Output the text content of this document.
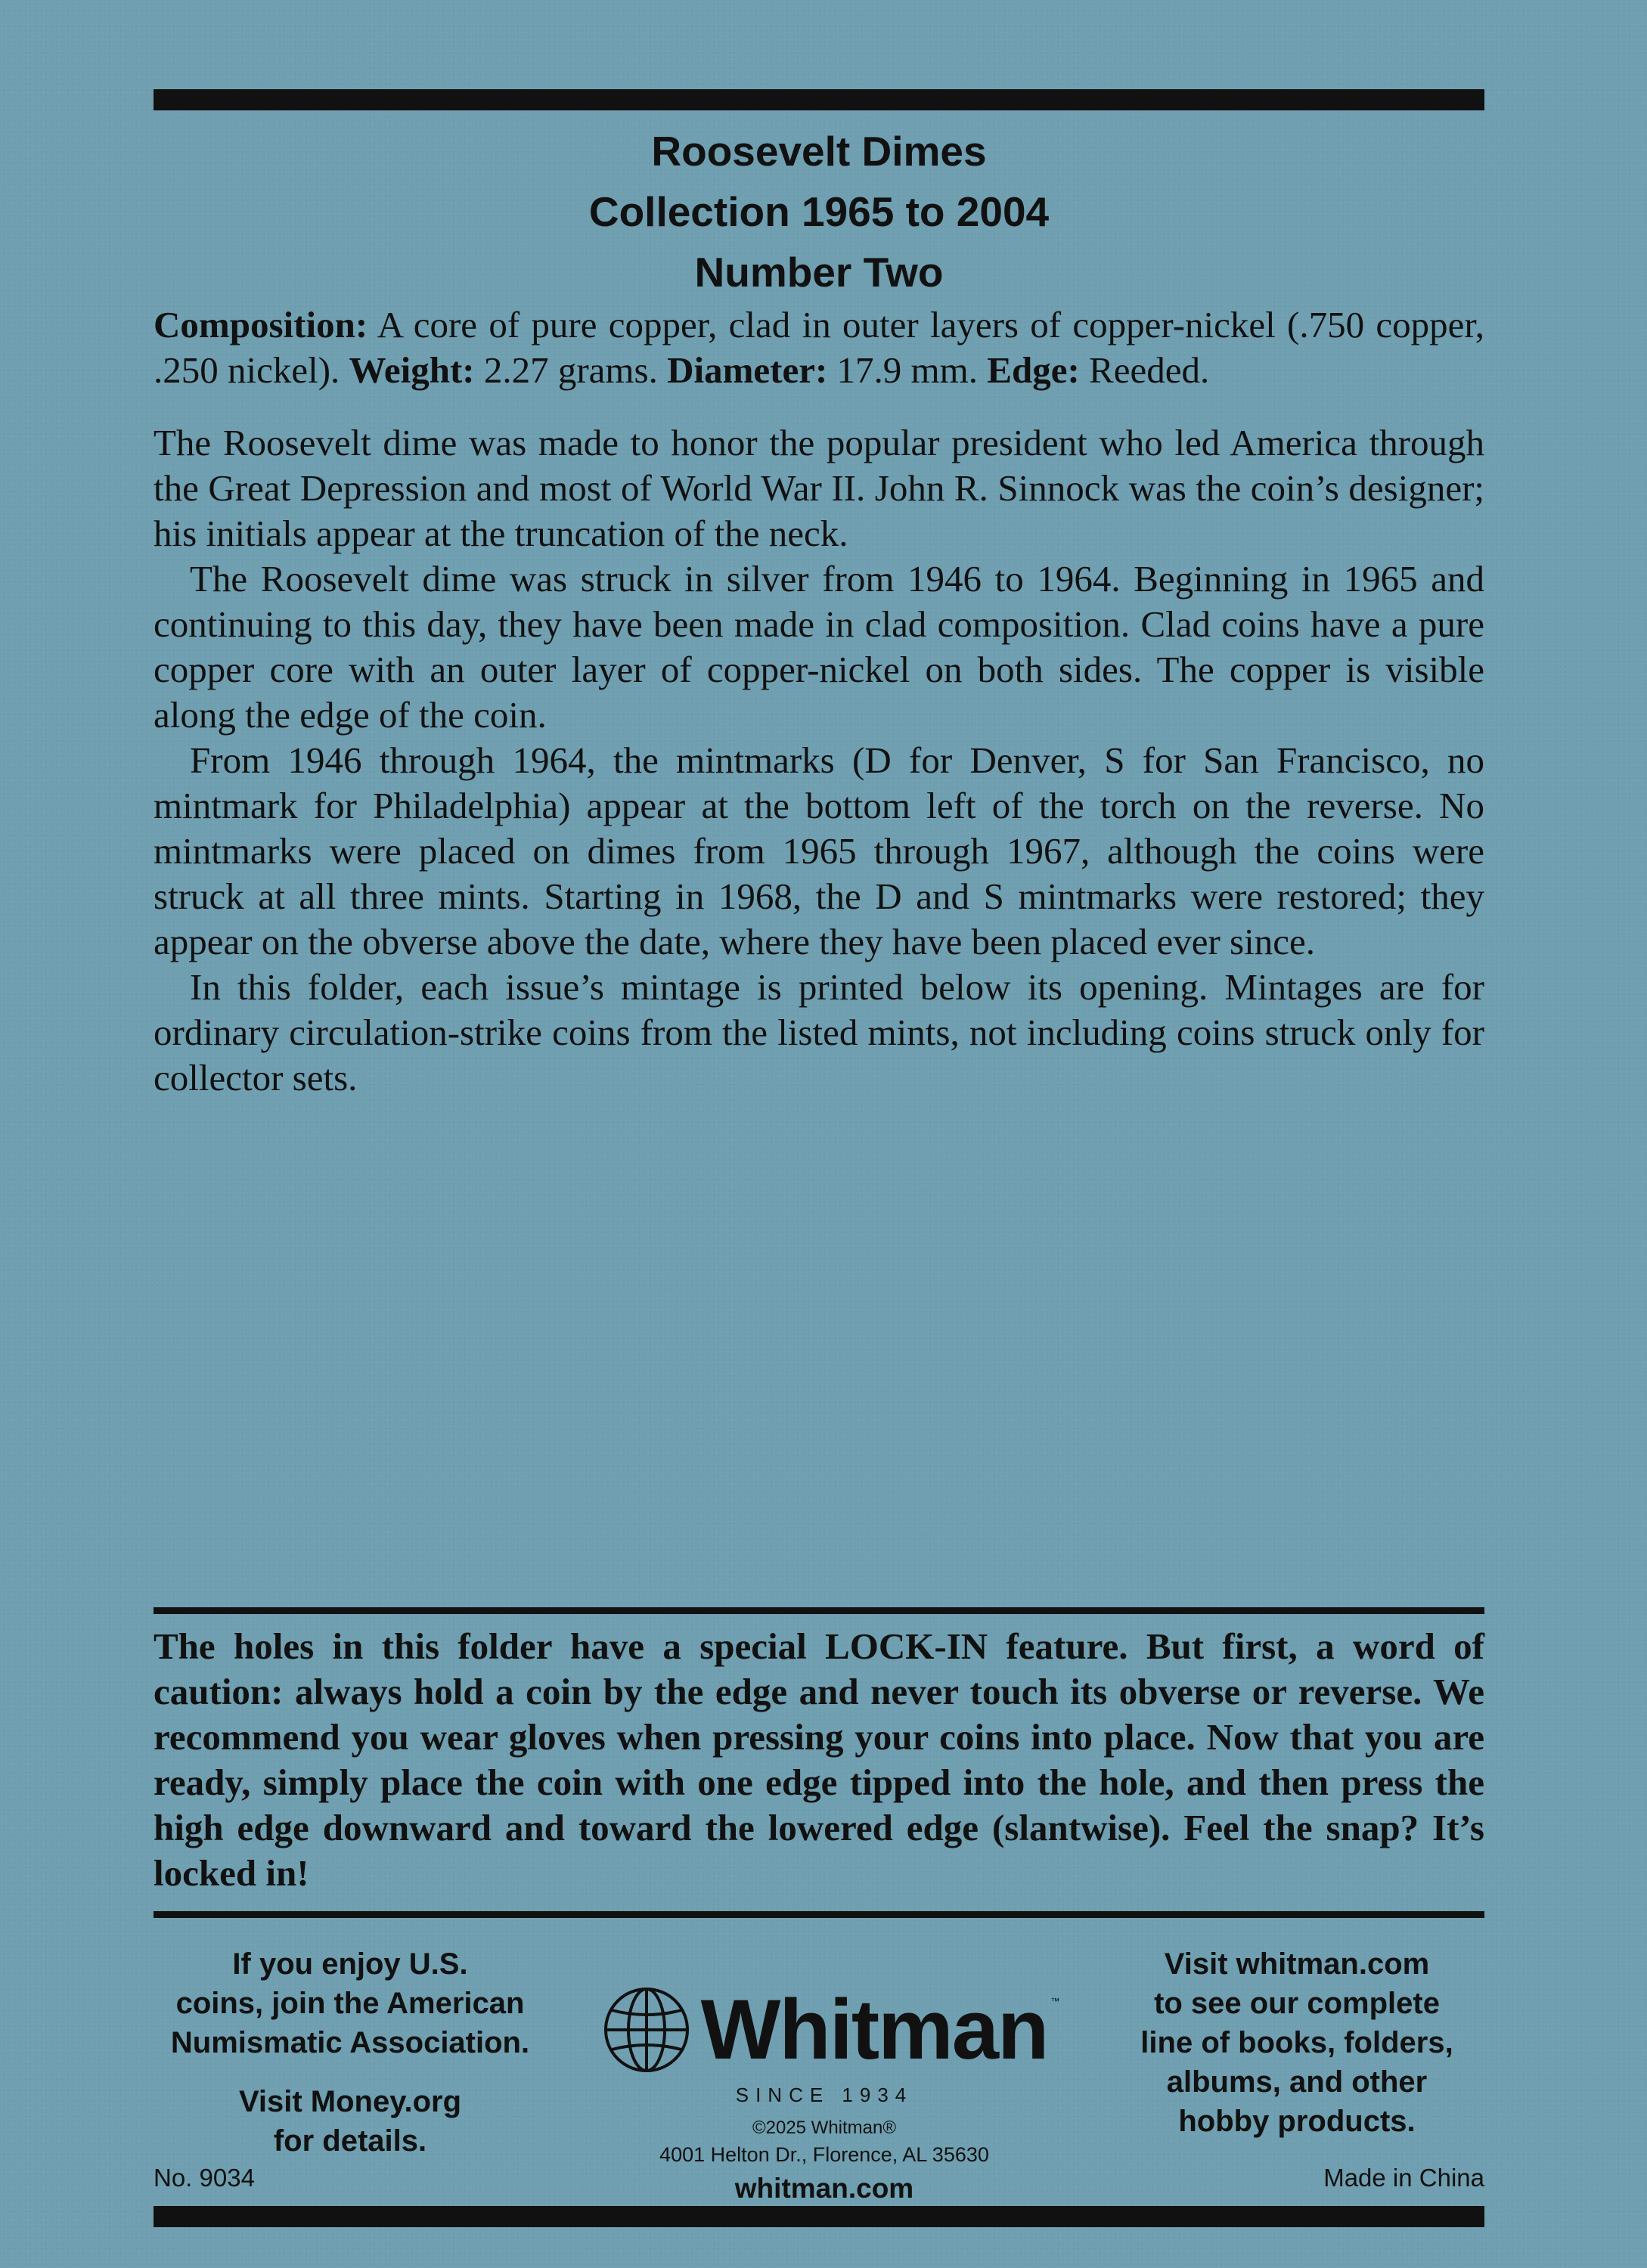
Roosevelt Dimes
Collection 1965 to 2004
Number Two

Composition: A core of pure copper, clad in outer layers of copper-nickel (.750 copper, .250 nickel). Weight: 2.27 grams. Diameter: 17.9 mm. Edge: Reeded.

The Roosevelt dime was made to honor the popular president who led America through the Great Depression and most of World War II. John R. Sinnock was the coin’s designer; his initials appear at the truncation of the neck.

The Roosevelt dime was struck in silver from 1946 to 1964. Beginning in 1965 and continuing to this day, they have been made in clad composition. Clad coins have a pure copper core with an outer layer of copper-nickel on both sides. The copper is visible along the edge of the coin.

From 1946 through 1964, the mintmarks (D for Denver, S for San Francisco, no mintmark for Philadelphia) appear at the bottom left of the torch on the reverse. No mintmarks were placed on dimes from 1965 through 1967, although the coins were struck at all three mints. Starting in 1968, the D and S mintmarks were restored; they appear on the obverse above the date, where they have been placed ever since.

In this folder, each issue’s mintage is printed below its opening. Mintages are for ordinary circulation-strike coins from the listed mints, not including coins struck only for collector sets.

The holes in this folder have a special LOCK-IN feature. But first, a word of caution: always hold a coin by the edge and never touch its obverse or reverse. We recommend you wear gloves when pressing your coins into place. Now that you are ready, simply place the coin with one edge tipped into the hole, and then press the high edge downward and toward the lowered edge (slantwise). Feel the snap? It’s locked in!
If you enjoy U.S.
coins, join the American
Numismatic Association.
Visit Money.org
for details.
Whitman ™
SINCE 1934
©2025 Whitman®
4001 Helton Dr., Florence, AL 35630
whitman.com
Visit whitman.com
to see our complete
line of books, folders,
albums, and other
hobby products.
No. 9034	Made in China
